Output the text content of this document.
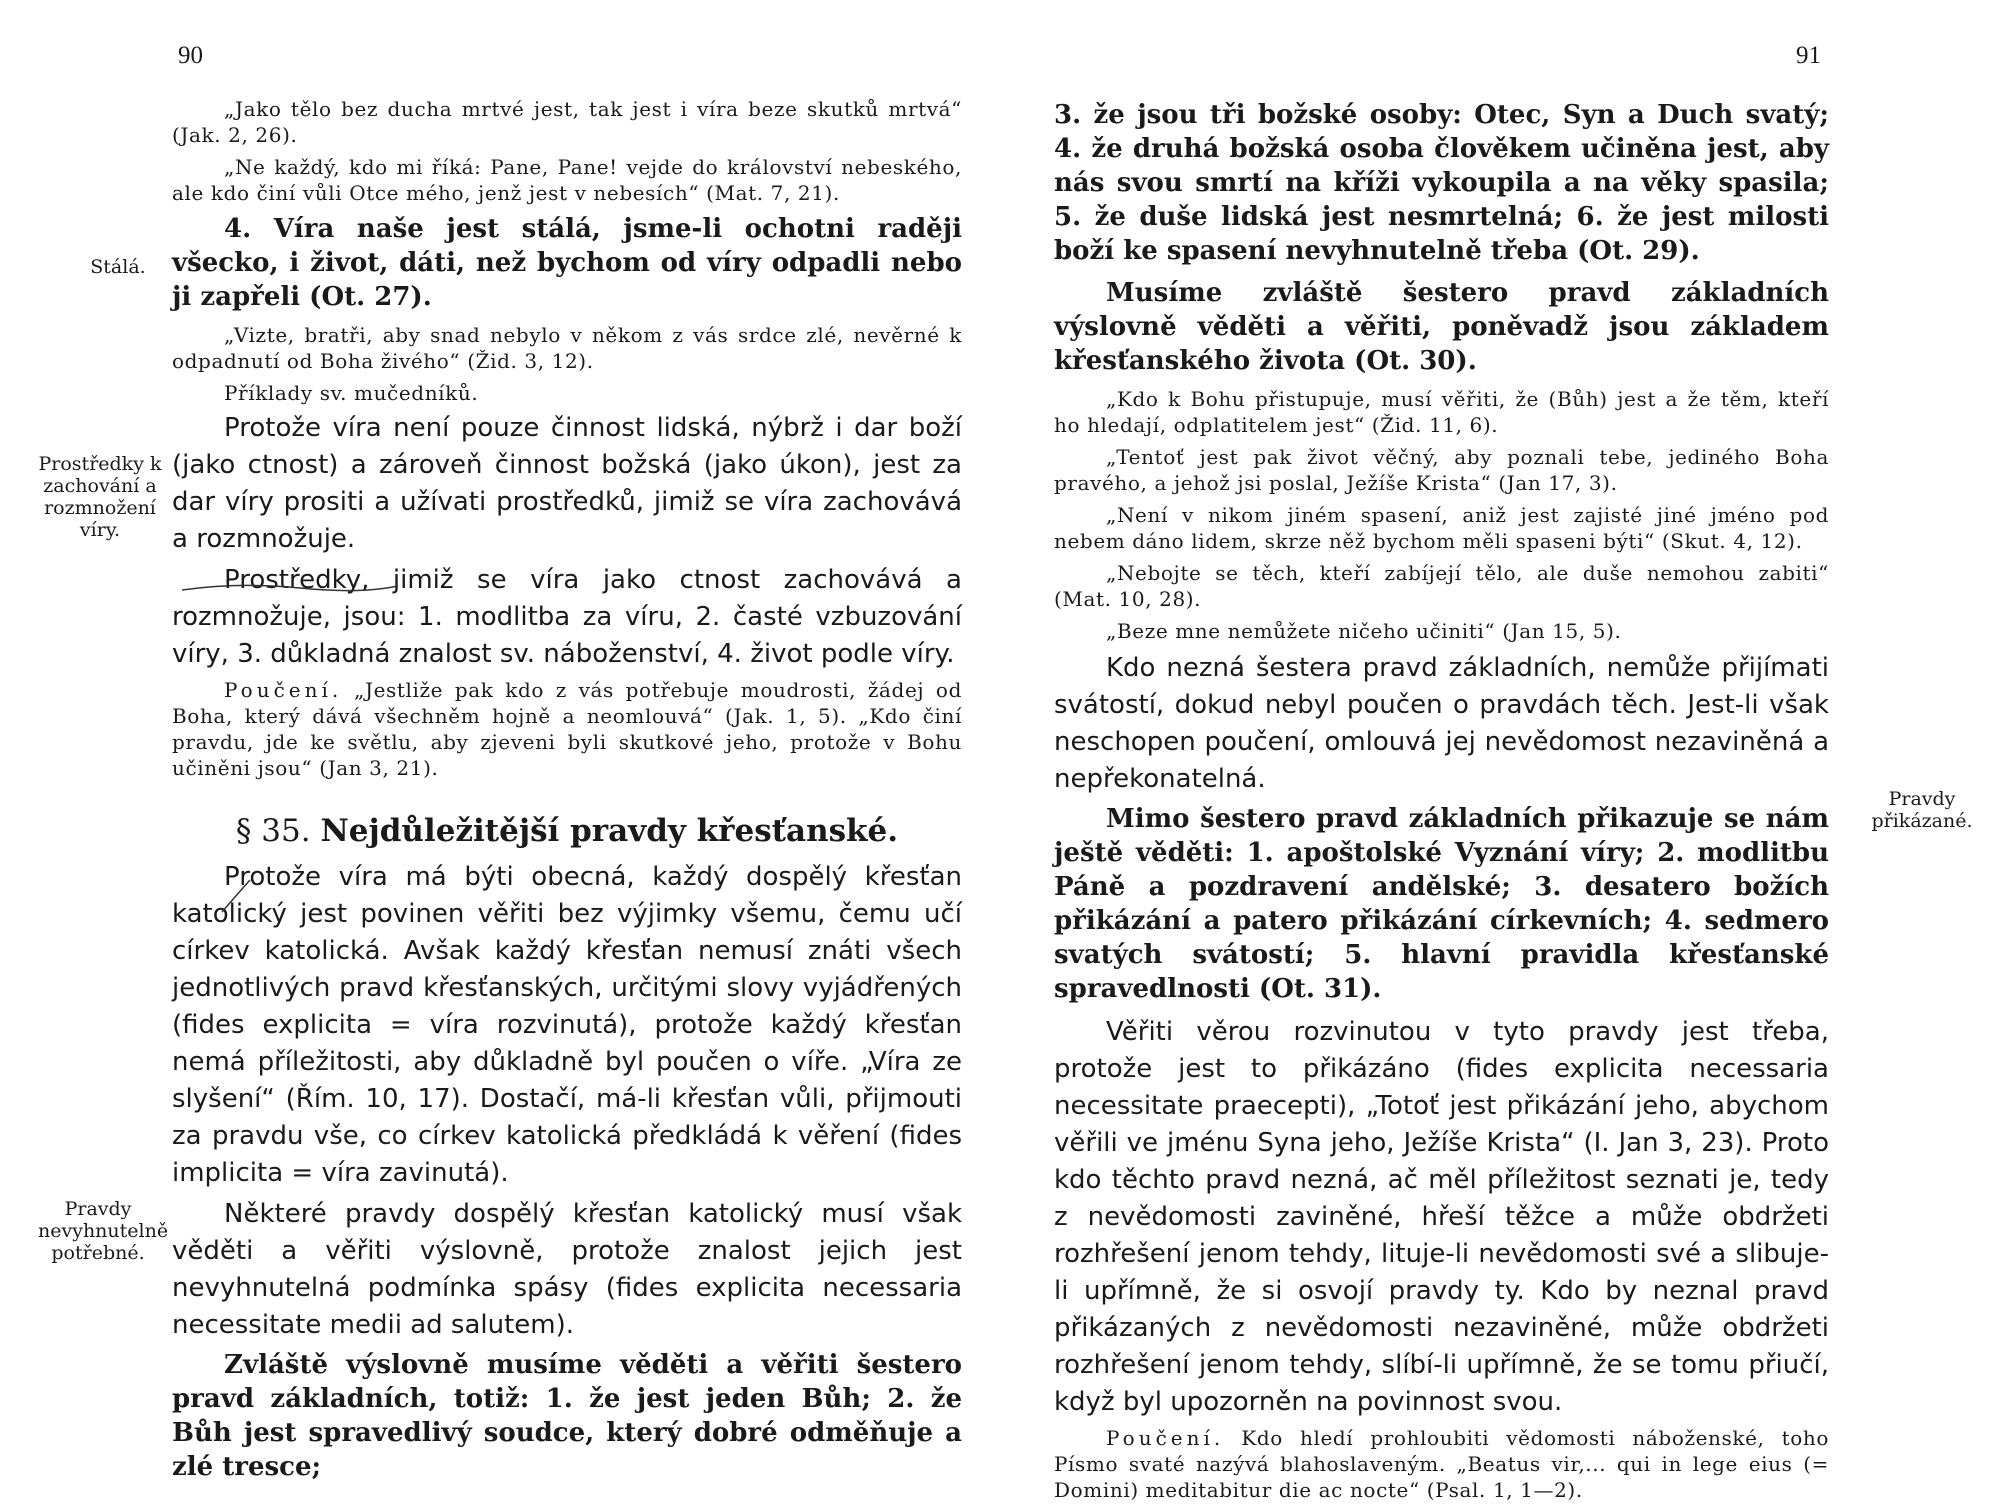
90
Stálá.
Prostředky k zachování a rozmnožení víry.
Pravdy nevyhnutelně potřebné.

„Jako tělo bez ducha mrtvé jest, tak jest i víra beze skutků mrtvá“ (Jak. 2, 26).

„Ne každý, kdo mi říká: Pane, Pane! vejde do království nebeského, ale kdo činí vůli Otce mého, jenž jest v nebesích“ (Mat. 7, 21).

4. Víra naše jest stálá, jsme-li ochotni raději všecko, i život, dáti, než bychom od víry odpadli nebo ji zapřeli (Ot. 27).

„Vizte, bratři, aby snad nebylo v někom z vás srdce zlé, nevěrné k odpadnutí od Boha živého“ (Žid. 3, 12).

Příklady sv. mučedníků.

Protože víra není pouze činnost lidská, nýbrž i dar boží (jako ctnost) a zároveň činnost božská (jako úkon), jest za dar víry prositi a užívati prostředků, jimiž se víra zachovává a rozmnožuje.

Prostředky, jimiž se víra jako ctnost zachovává a rozmnožuje, jsou: 1. modlitba za víru, 2. časté vzbuzování víry, 3. důkladná znalost sv. náboženství, 4. život podle víry.

Poučení. „Jestliže pak kdo z vás potřebuje moudrosti, žádej od Boha, který dává všechněm hojně a neomlouvá“ (Jak. 1, 5). „Kdo činí pravdu, jde ke světlu, aby zjeveni byli skutkové jeho, protože v Bohu učiněni jsou“ (Jan 3, 21).

§ 35. Nejdůležitější pravdy křesťanské.

Protože víra má býti obecná, každý dospělý křesťan katolický jest povinen věřiti bez výjimky všemu, čemu učí církev katolická. Avšak každý křesťan nemusí znáti všech jednotlivých pravd křesťanských, určitými slovy vyjádřených (fides explicita = víra rozvinutá), protože každý křesťan nemá příležitosti, aby důkladně byl poučen o víře. „Víra ze slyšení“ (Řím. 10, 17). Dostačí, má-li křesťan vůli, přijmouti za pravdu vše, co církev katolická předkládá k věření (fides implicita = víra zavinutá).

Některé pravdy dospělý křesťan katolický musí však věděti a věřiti výslovně, protože znalost jejich jest nevyhnutelná podmínka spásy (fides explicita necessaria necessitate medii ad salutem).

Zvláště výslovně musíme věděti a věřiti šestero pravd základních, totiž: 1. že jest jeden Bůh; 2. že Bůh jest spravedlivý soudce, který dobré odměňuje a zlé tresce;

91
Pravdy přikázané.

3. že jsou tři božské osoby: Otec, Syn a Duch svatý; 4. že druhá božská osoba člověkem učiněna jest, aby nás svou smrtí na kříži vykoupila a na věky spasila; 5. že duše lidská jest nesmrtelná; 6. že jest milosti boží ke spasení nevyhnutelně třeba (Ot. 29).

Musíme zvláště šestero pravd základních výslovně věděti a věřiti, poněvadž jsou základem křesťanského života (Ot. 30).

„Kdo k Bohu přistupuje, musí věřiti, že (Bůh) jest a že těm, kteří ho hledají, odplatitelem jest“ (Žid. 11, 6).

„Tentoť jest pak život věčný, aby poznali tebe, jediného Boha pravého, a jehož jsi poslal, Ježíše Krista“ (Jan 17, 3).

„Není v nikom jiném spasení, aniž jest zajisté jiné jméno pod nebem dáno lidem, skrze něž bychom měli spaseni býti“ (Skut. 4, 12).

„Nebojte se těch, kteří zabíjejí tělo, ale duše nemohou zabiti“ (Mat. 10, 28).

„Beze mne nemůžete ničeho učiniti“ (Jan 15, 5).

Kdo nezná šestera pravd základních, nemůže přijímati svátostí, dokud nebyl poučen o pravdách těch. Jest-li však neschopen poučení, omlouvá jej nevědomost nezaviněná a nepřekonatelná.

Mimo šestero pravd základních přikazuje se nám ještě věděti: 1. apoštolské Vyznání víry; 2. modlitbu Páně a pozdravení andělské; 3. desatero božích přikázání a patero přikázání církevních; 4. sedmero svatých svátostí; 5. hlavní pravidla křesťanské spravedlnosti (Ot. 31).

Věřiti věrou rozvinutou v tyto pravdy jest třeba, protože jest to přikázáno (fides explicita necessaria necessitate praecepti), „Totoť jest přikázání jeho, abychom věřili ve jménu Syna jeho, Ježíše Krista“ (I. Jan 3, 23). Proto kdo těchto pravd nezná, ač měl příležitost seznati je, tedy z nevědomosti zaviněné, hřeší těžce a může obdržeti rozhřešení jenom tehdy, lituje-li nevědomosti své a slibuje-li upřímně, že si osvojí pravdy ty. Kdo by neznal pravd přikázaných z nevědomosti nezaviněné, může obdržeti rozhřešení jenom tehdy, slíbí-li upřímně, že se tomu přiučí, když byl upozorněn na povinnost svou.

Poučení. Kdo hledí prohloubiti vědomosti náboženské, toho Písmo svaté nazývá blahoslaveným. „Beatus vir,... qui in lege eius (= Domini) meditabitur die ac nocte“ (Psal. 1, 1—2).
